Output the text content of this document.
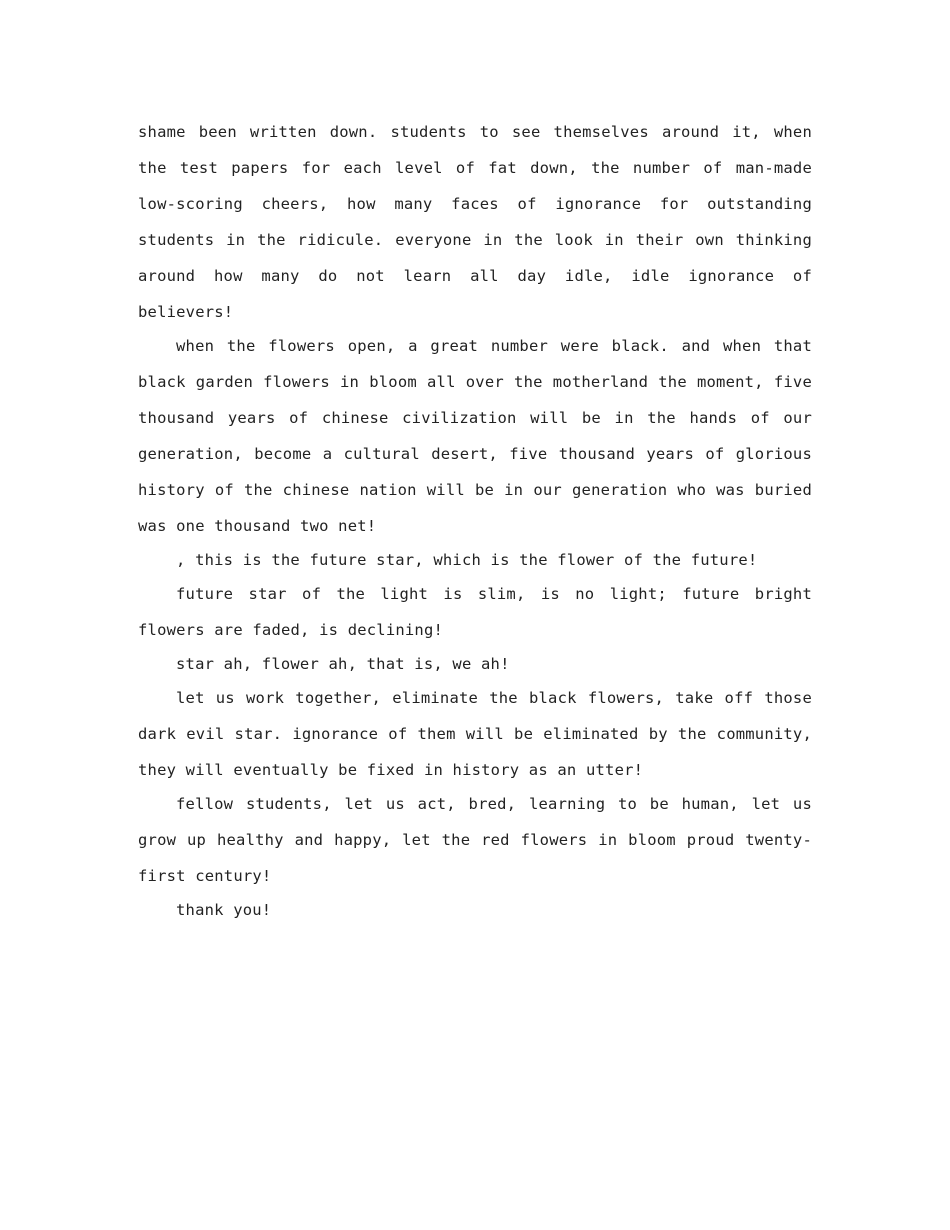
shame been written down. students to see themselves around it, when the test papers for each level of fat down, the number of man-made low-scoring cheers, how many faces of ignorance for outstanding students in the ridicule. everyone in the look in their own thinking around how many do not learn all day idle, idle ignorance of believers!

when the flowers open, a great number were black. and when that black garden flowers in bloom all over the motherland the moment, five thousand years of chinese civilization will be in the hands of our generation, become a cultural desert, five thousand years of glorious history of the chinese nation will be in our generation who was buried was one thousand two net!

, this is the future star, which is the flower of the future!

future star of the light is slim, is no light; future bright flowers are faded, is declining!

star ah, flower ah, that is, we ah!

let us work together, eliminate the black flowers, take off those dark evil star. ignorance of them will be eliminated by the community, they will eventually be fixed in history as an utter!

fellow students, let us act, bred, learning to be human, let us grow up healthy and happy, let the red flowers in bloom proud twenty-first century!

thank you!
